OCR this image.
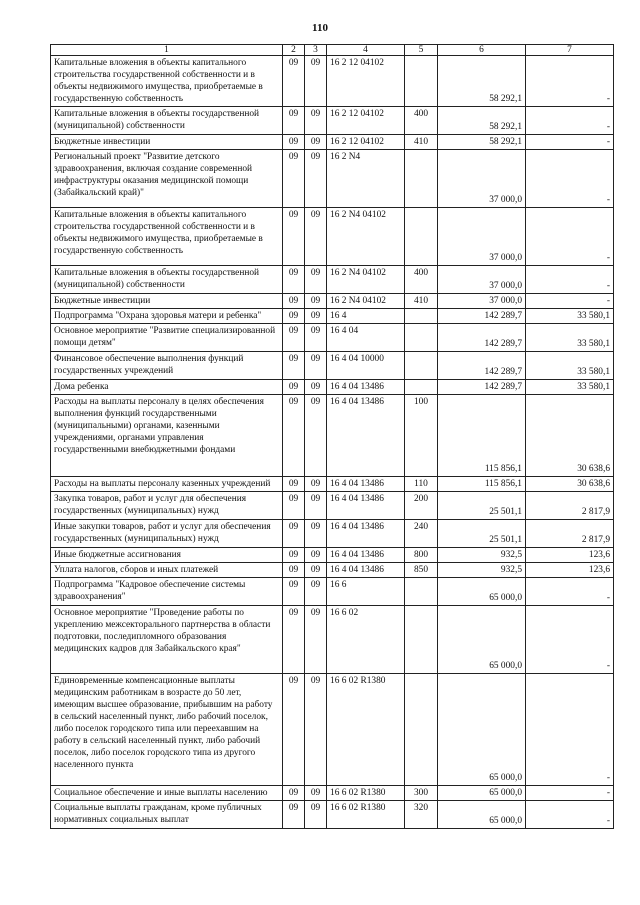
110
1	2	3	4	5	6	7
Капитальные вложения в объекты капитального строительства государственной собственности и в объекты недвижимого имущества, приобретаемые в государственную собственность	09	09	16 2 12 04102		58 292,1	-
Капитальные вложения в объекты государственной (муниципальной) собственности	09	09	16 2 12 04102	400	58 292,1	-
Бюджетные инвестиции	09	09	16 2 12 04102	410	58 292,1	-
Региональный проект "Развитие детского здравоохранения, включая создание современной инфраструктуры оказания медицинской помощи (Забайкальский край)"	09	09	16 2 N4		37 000,0	-
Капитальные вложения в объекты капитального строительства государственной собственности и в объекты недвижимого имущества, приобретаемые в государственную собственность	09	09	16 2 N4 04102		37 000,0	-
Капитальные вложения в объекты государственной (муниципальной) собственности	09	09	16 2 N4 04102	400	37 000,0	-
Бюджетные инвестиции	09	09	16 2 N4 04102	410	37 000,0	-
Подпрограмма "Охрана здоровья матери и ребенка"	09	09	16 4		142 289,7	33 580,1
Основное мероприятие "Развитие специализированной помощи детям"	09	09	16 4 04		142 289,7	33 580,1
Финансовое обеспечение выполнения функций государственных учреждений	09	09	16 4 04 10000		142 289,7	33 580,1
Дома ребенка	09	09	16 4 04 13486		142 289,7	33 580,1
Расходы на выплаты персоналу в целях обеспечения выполнения функций государственными (муниципальными) органами, казенными учреждениями, органами управления государственными внебюджетными фондами	09	09	16 4 04 13486	100	115 856,1	30 638,6
Расходы на выплаты персоналу казенных учреждений	09	09	16 4 04 13486	110	115 856,1	30 638,6
Закупка товаров, работ и услуг для обеспечения государственных (муниципальных) нужд	09	09	16 4 04 13486	200	25 501,1	2 817,9
Иные закупки товаров, работ и услуг для обеспечения государственных (муниципальных) нужд	09	09	16 4 04 13486	240	25 501,1	2 817,9
Иные бюджетные ассигнования	09	09	16 4 04 13486	800	932,5	123,6
Уплата налогов, сборов и иных платежей	09	09	16 4 04 13486	850	932,5	123,6
Подпрограмма "Кадровое обеспечение системы здравоохранения"	09	09	16 6		65 000,0	-
Основное мероприятие "Проведение работы по укреплению межсекторального партнерства в области подготовки, последипломного образования медицинских кадров для Забайкальского края"	09	09	16 6 02		65 000,0	-
Единовременные компенсационные выплаты медицинским работникам в возрасте до 50 лет, имеющим высшее образование, прибывшим на работу в сельский населенный пункт, либо рабочий поселок, либо поселок городского типа или переехавшим на работу в сельский населенный пункт, либо рабочий поселок, либо поселок городского типа из другого населенного пункта	09	09	16 6 02 R1380		65 000,0	-
Социальное обеспечение и иные выплаты населению	09	09	16 6 02 R1380	300	65 000,0	-
Социальные выплаты гражданам, кроме публичных нормативных социальных выплат	09	09	16 6 02 R1380	320	65 000,0	-
